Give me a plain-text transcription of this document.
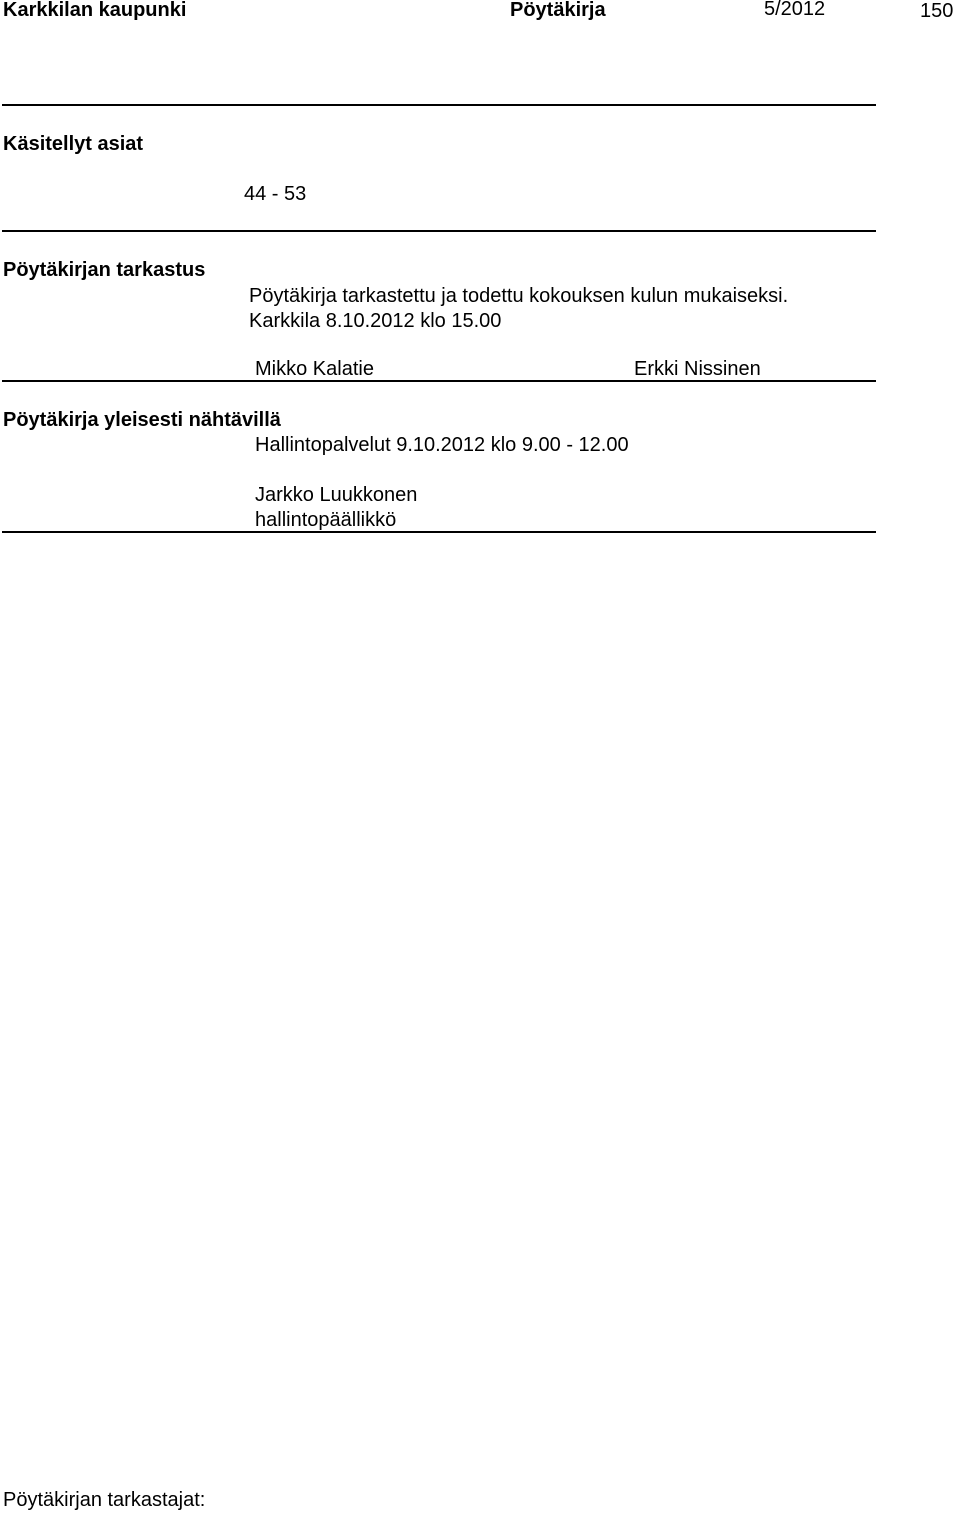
Karkkilan kaupunki	Pöytäkirja	5/2012	150
Käsitellyt asiat
44 - 53
Pöytäkirjan tarkastus
Pöytäkirja tarkastettu ja todettu kokouksen kulun mukaiseksi.
Karkkila 8.10.2012 klo 15.00
Mikko Kalatie	Erkki Nissinen
Pöytäkirja yleisesti nähtävillä
Hallintopalvelut 9.10.2012 klo 9.00 - 12.00
Jarkko Luukkonen
hallintopäällikkö
Pöytäkirjan tarkastajat:
